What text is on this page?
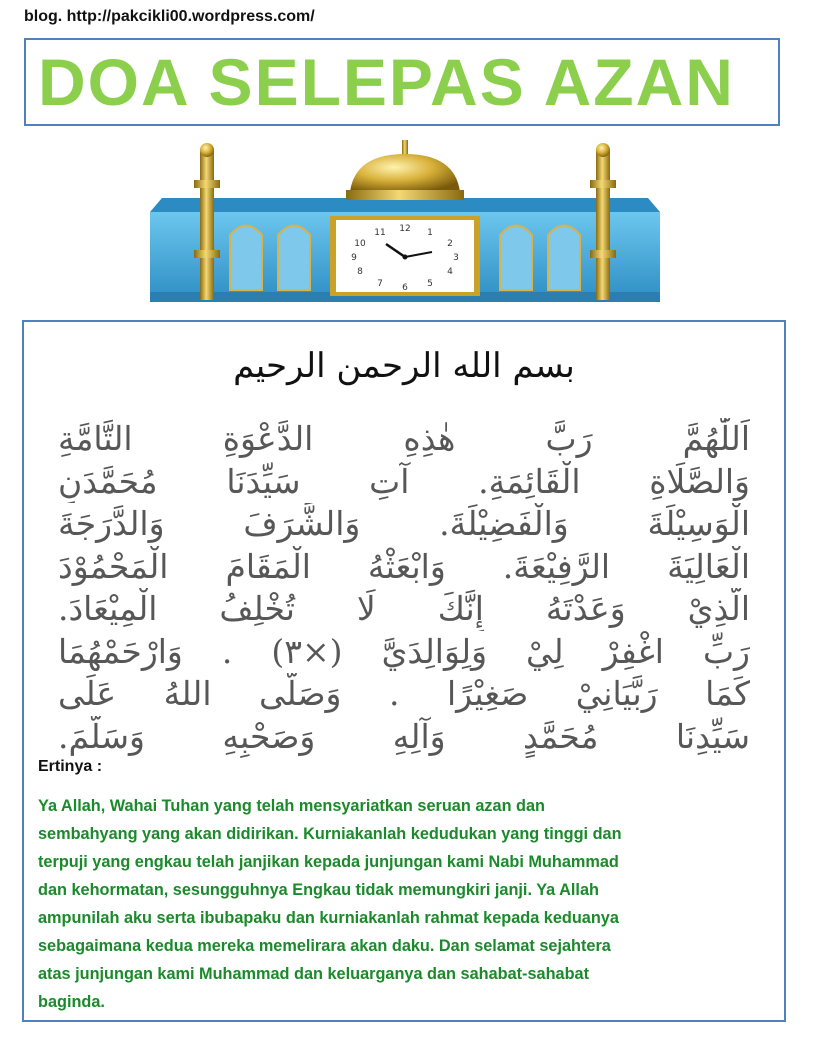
blog. http://pakcikli00.wordpress.com/
DOA SELEPAS AZAN
12 1
2
3
4
5
6
7
8
9
10
11
بسم الله الرحمن الرحيم
اَللّٰهُمَّ رَبَّ هٰذِهِ الدَّعْوَةِ التَّامَّةِ
وَالصَّلَاةِ الْقَائِمَةِ. آتِ سَيِّدَنَا مُحَمَّدَنِ
الْوَسِيْلَةَ وَالْفَضِيْلَةَ. وَالشَّرَفَ وَالدَّرَجَةَ
الْعَالِيَةَ الرَّفِيْعَةَ. وَابْعَثْهُ الْمَقَامَ الْمَحْمُوْدَ
الَّذِيْ وَعَدْتَهُ إِنَّكَ لَا تُخْلِفُ الْمِيْعَادَ.
رَبِّ اغْفِرْ لِيْ وَلِوَالِدَيَّ (×٣) . وَارْحَمْهُمَا
كَمَا رَبَّيَانِيْ صَغِيْرًا . وَصَلَّى اللهُ عَلَى
سَيِّدِنَا مُحَمَّدٍ وَآلِهِ وَصَحْبِهِ وَسَلَّمَ.
Ertinya :
Ya Allah, Wahai Tuhan yang telah mensyariatkan seruan azan dan
sembahyang yang akan didirikan. Kurniakanlah kedudukan yang tinggi dan
terpuji yang engkau telah janjikan kepada junjungan kami Nabi Muhammad
dan kehormatan, sesungguhnya Engkau tidak memungkiri janji. Ya Allah
ampunilah aku serta ibubapaku dan kurniakanlah rahmat kepada keduanya
sebagaimana kedua mereka memelirara akan daku. Dan selamat sejahtera
atas junjungan kami Muhammad dan keluarganya dan sahabat-sahabat
baginda.
